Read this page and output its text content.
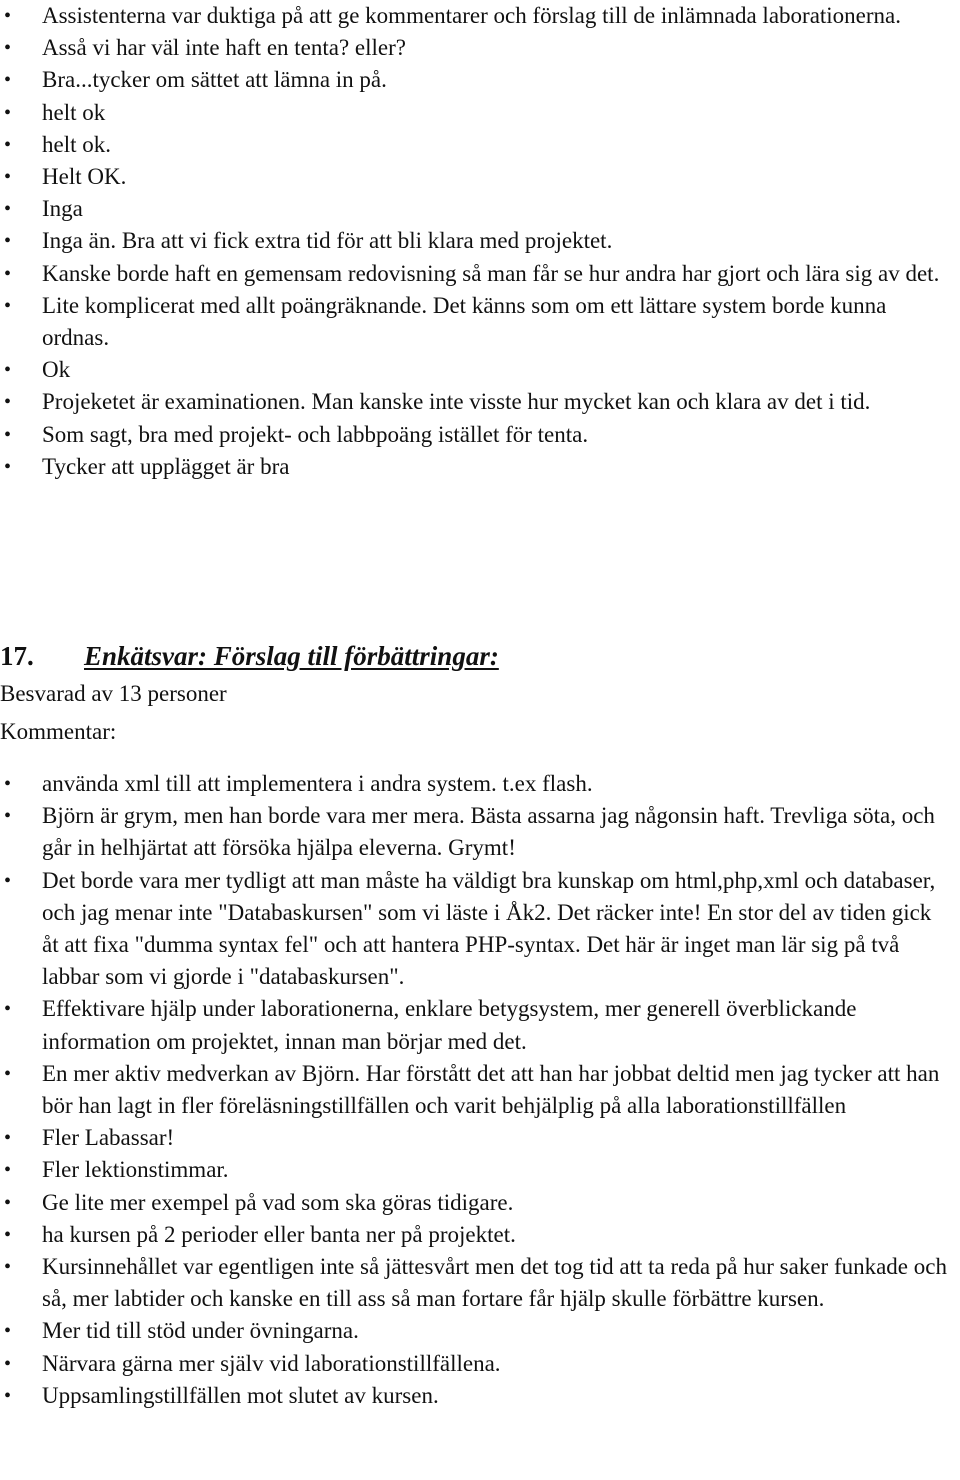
• Assistenterna var duktiga på att ge kommentarer och förslag till de inlämnada laborationerna.
• Asså vi har väl inte haft en tenta? eller?
• Bra...tycker om sättet att lämna in på.
• helt ok
• helt ok.
• Helt OK.
• Inga
• Inga än. Bra att vi fick extra tid för att bli klara med projektet.
• Kanske borde haft en gemensam redovisning så man får se hur andra har gjort och lära sig av det.
• Lite komplicerat med allt poängräknande. Det känns som om ett lättare system borde kunna ordnas.
• Ok
• Projeketet är examinationen. Man kanske inte visste hur mycket kan och klara av det i tid.
• Som sagt, bra med projekt- och labbpoäng istället för tenta.
• Tycker att upplägget är bra
17. Enkätsvar: Förslag till förbättringar:

Besvarad av 13 personer

Kommentar:

• använda xml till att implementera i andra system. t.ex flash.
• Björn är grym, men han borde vara mer mera. Bästa assarna jag någonsin haft. Trevliga söta, och går in helhjärtat att försöka hjälpa eleverna. Grymt!
• Det borde vara mer tydligt att man måste ha väldigt bra kunskap om html,php,xml och databaser, och jag menar inte "Databaskursen" som vi läste i Åk2. Det räcker inte! En stor del av tiden gick åt att fixa "dumma syntax fel" och att hantera PHP-syntax. Det här är inget man lär sig på två labbar som vi gjorde i "databaskursen".
• Effektivare hjälp under laborationerna, enklare betygsystem, mer generell överblickande information om projektet, innan man börjar med det.
• En mer aktiv medverkan av Björn. Har förstått det att han har jobbat deltid men jag tycker att han bör han lagt in fler föreläsningstillfällen och varit behjälplig på alla laborationstillfällen
• Fler Labassar!
• Fler lektionstimmar.
• Ge lite mer exempel på vad som ska göras tidigare.
• ha kursen på 2 perioder eller banta ner på projektet.
• Kursinnehållet var egentligen inte så jättesvårt men det tog tid att ta reda på hur saker funkade och så, mer labtider och kanske en till ass så man fortare får hjälp skulle förbättre kursen.
• Mer tid till stöd under övningarna.
• Närvara gärna mer själv vid laborationstillfällena.
• Uppsamlingstillfällen mot slutet av kursen.
